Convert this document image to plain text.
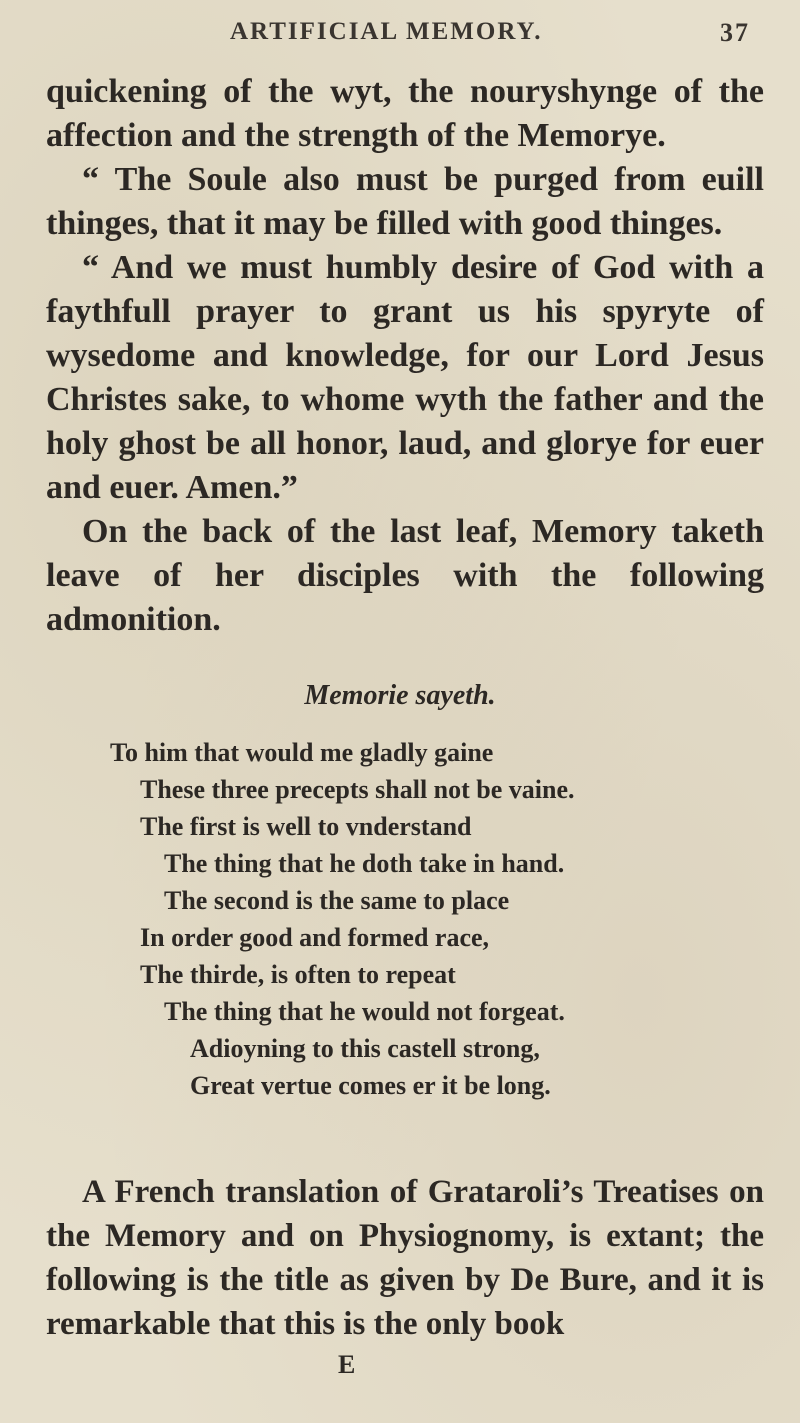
ARTIFICIAL MEMORY.	37

quickening of the wyt, the nouryshynge of the affection and the strength of the Memorye.

“ The Soule also must be purged from euill thinges, that it may be filled with good thinges.

“ And we must humbly desire of God with a faythfull prayer to grant us his spyryte of wysedome and knowledge, for our Lord Jesus Christes sake, to whome wyth the father and the holy ghost be all honor, laud, and glorye for euer and euer. Amen.”

On the back of the last leaf, Memory taketh leave of her disciples with the following admonition.

Memorie sayeth.
To him that would me gladly gaine
These three precepts shall not be vaine.
The first is well to vnderstand
The thing that he doth take in hand.
The second is the same to place
In order good and formed race,
The thirde, is often to repeat
The thing that he would not forgeat.
Adioyning to this castell strong,
Great vertue comes er it be long.

A French translation of Grataroli’s Treatises on the Memory and on Physiognomy, is extant; the following is the title as given by De Bure, and it is remarkable that this is the only book

E
